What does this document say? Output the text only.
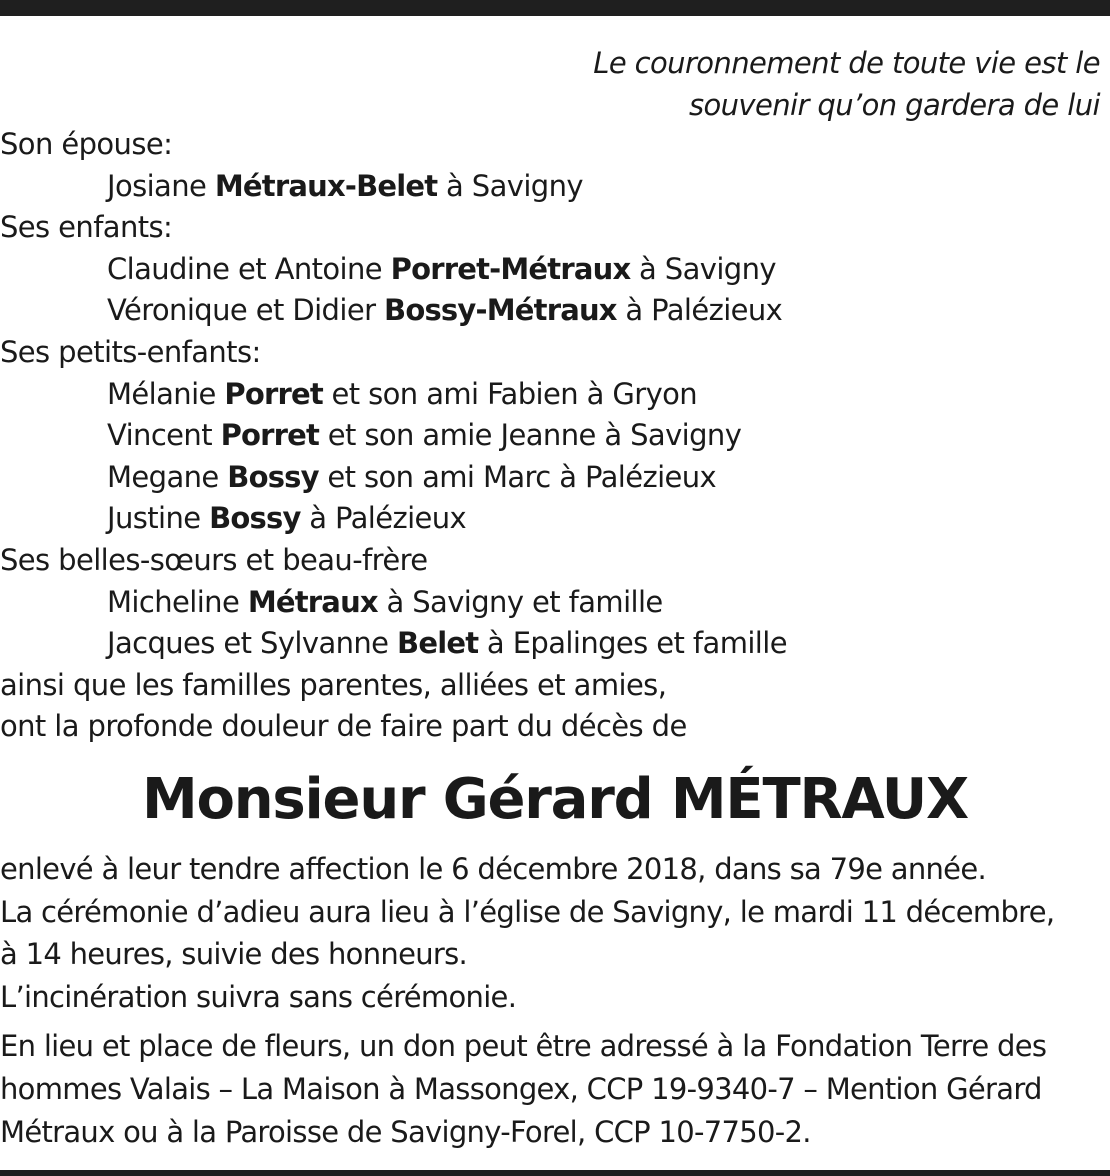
Le couronnement de toute vie est le
souvenir qu’on gardera de lui
Son épouse:
Josiane Métraux-Belet à Savigny
Ses enfants:
Claudine et Antoine Porret-Métraux à Savigny
Véronique et Didier Bossy-Métraux à Palézieux
Ses petits-enfants:
Mélanie Porret et son ami Fabien à Gryon
Vincent Porret et son amie Jeanne à Savigny
Megane Bossy et son ami Marc à Palézieux
Justine Bossy à Palézieux
Ses belles-sœurs et beau-frère
Micheline Métraux à Savigny et famille
Jacques et Sylvanne Belet à Epalinges et famille
ainsi que les familles parentes, alliées et amies,
ont la profonde douleur de faire part du décès de
Monsieur Gérard MÉTRAUX
enlevé à leur tendre affection le 6 décembre 2018, dans sa 79e année.
La cérémonie d’adieu aura lieu à l’église de Savigny, le mardi 11 décembre,
à 14 heures, suivie des honneurs.
L’incinération suivra sans cérémonie.
En lieu et place de fleurs, un don peut être adressé à la Fondation Terre des
hommes Valais – La Maison à Massongex, CCP 19-9340-7 – Mention Gérard
Métraux ou à la Paroisse de Savigny-Forel, CCP 10-7750-2.
